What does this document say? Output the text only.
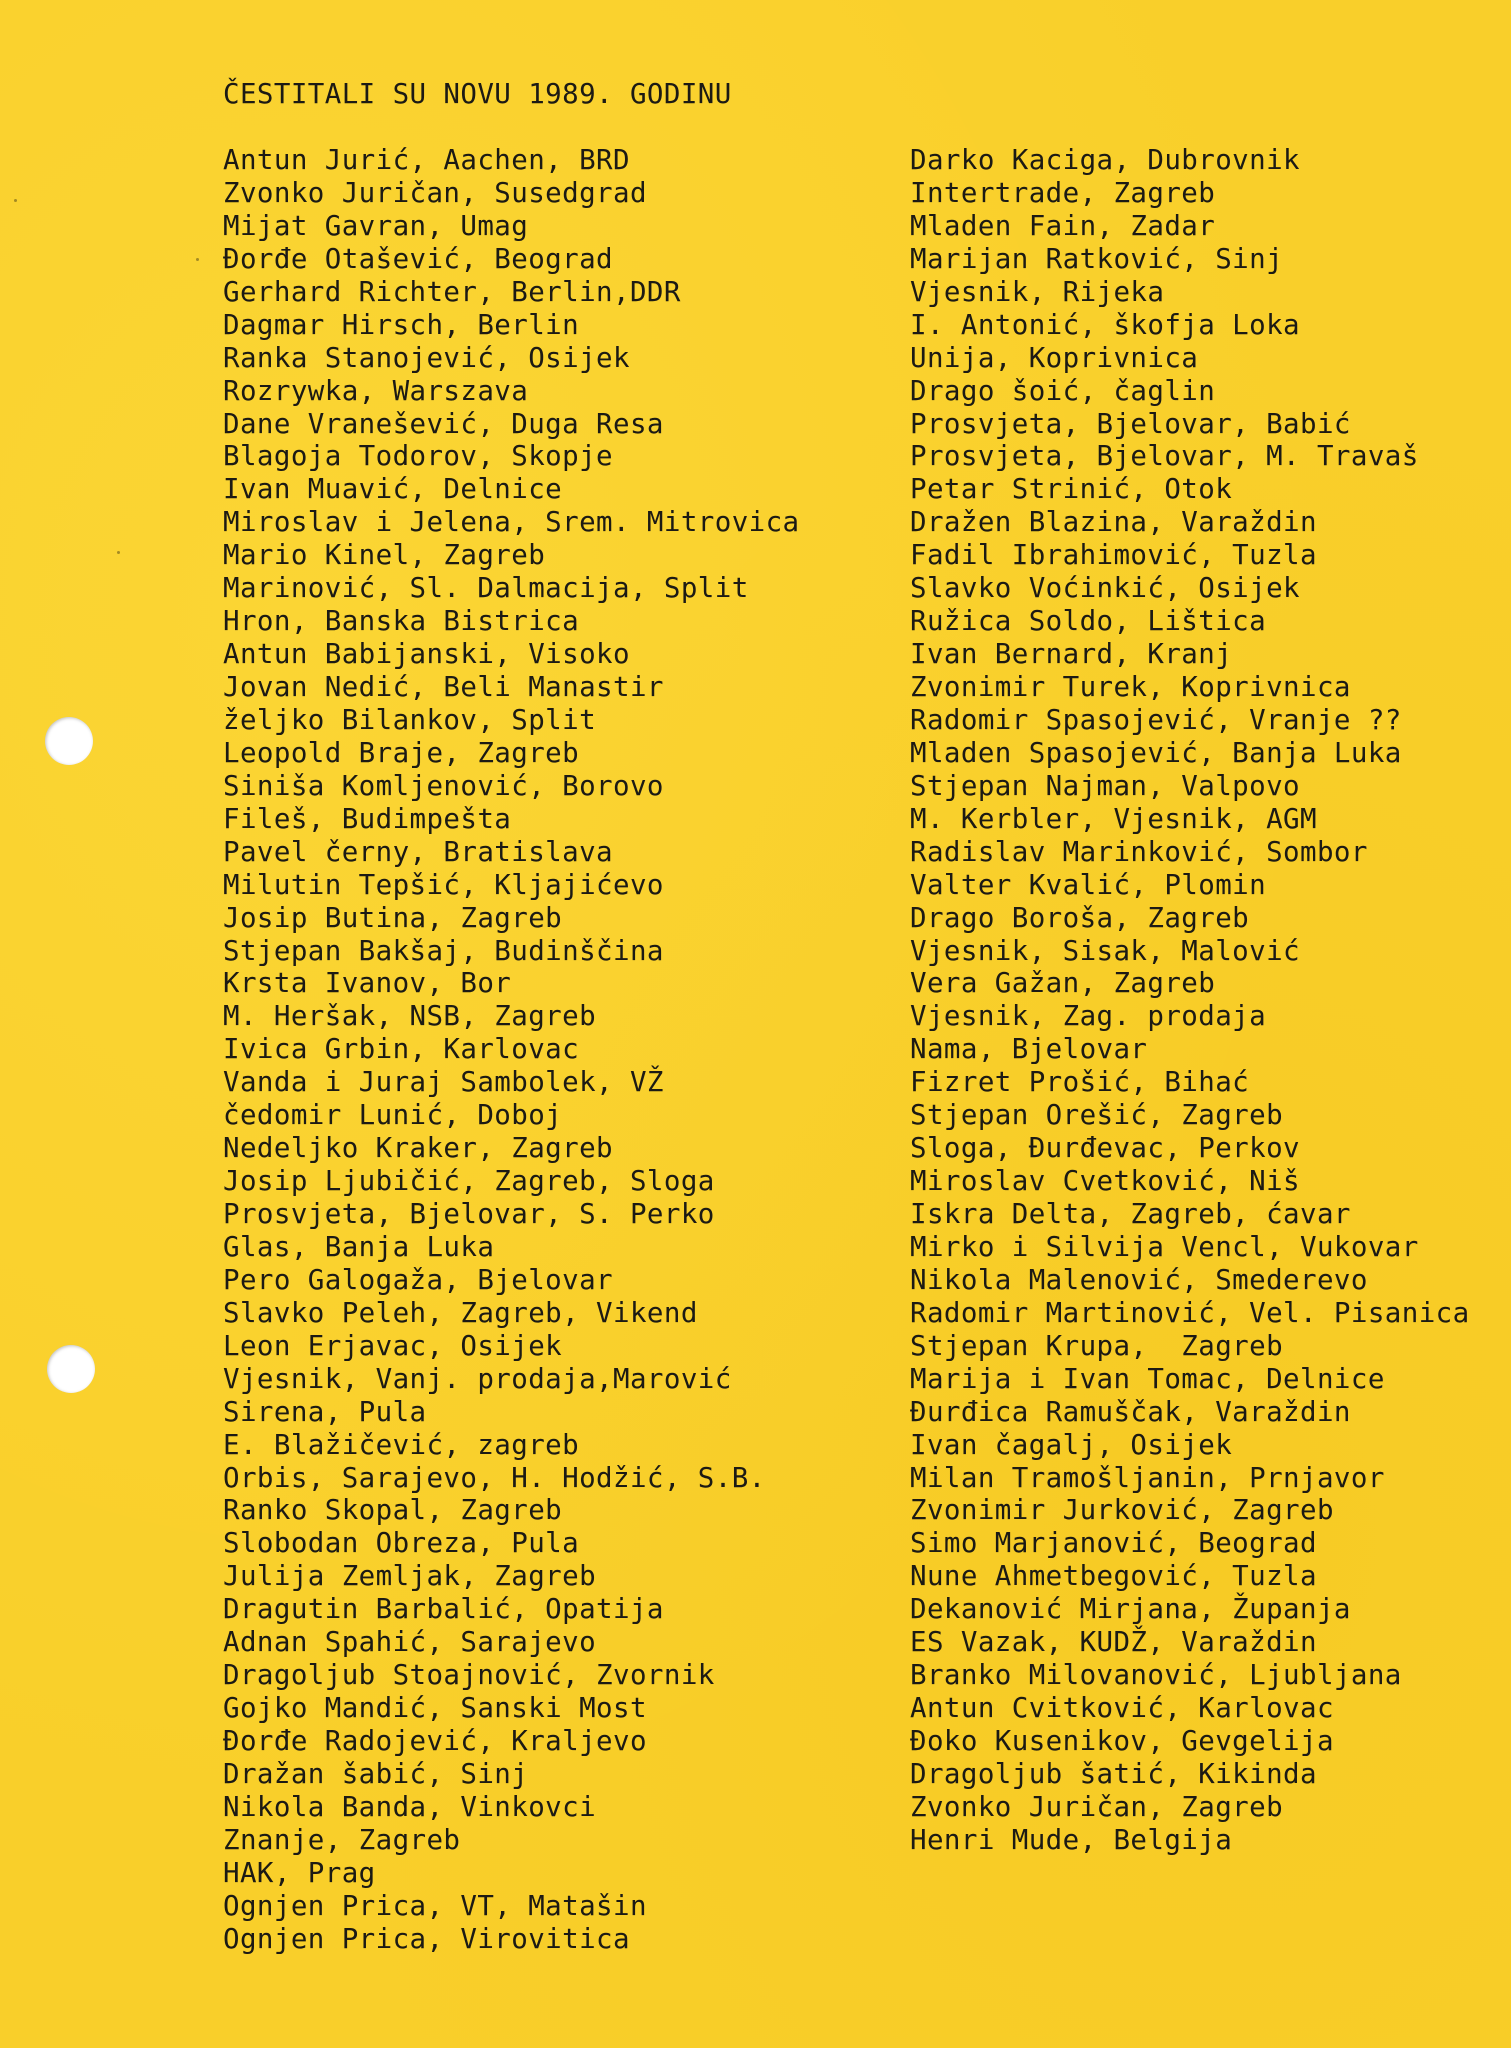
ČESTITALI SU NOVU 1989. GODINU
Antun Jurić, Aachen, BRD
Zvonko Juričan, Susedgrad
Mijat Gavran, Umag
Đorđe Otašević, Beograd
Gerhard Richter, Berlin,DDR
Dagmar Hirsch, Berlin
Ranka Stanojević, Osijek
Rozrywka, Warszava
Dane Vranešević, Duga Resa
Blagoja Todorov, Skopje
Ivan Muavić, Delnice
Miroslav i Jelena, Srem. Mitrovica
Mario Kinel, Zagreb
Marinović, Sl. Dalmacija, Split
Hron, Banska Bistrica
Antun Babijanski, Visoko
Jovan Nedić, Beli Manastir
željko Bilankov, Split
Leopold Braje, Zagreb
Siniša Komljenović, Borovo
Fileš, Budimpešta
Pavel černy, Bratislava
Milutin Tepšić, Kljajićevo
Josip Butina, Zagreb
Stjepan Bakšaj, Budinščina
Krsta Ivanov, Bor
M. Heršak, NSB, Zagreb
Ivica Grbin, Karlovac
Vanda i Juraj Sambolek, VŽ
čedomir Lunić, Doboj
Nedeljko Kraker, Zagreb
Josip Ljubičić, Zagreb, Sloga
Prosvjeta, Bjelovar, S. Perko
Glas, Banja Luka
Pero Galogaža, Bjelovar
Slavko Peleh, Zagreb, Vikend
Leon Erjavac, Osijek
Vjesnik, Vanj. prodaja,Marović
Sirena, Pula
E. Blažičević, zagreb
Orbis, Sarajevo, H. Hodžić, S.B.
Ranko Skopal, Zagreb
Slobodan Obreza, Pula
Julija Zemljak, Zagreb
Dragutin Barbalić, Opatija
Adnan Spahić, Sarajevo
Dragoljub Stoajnović, Zvornik
Gojko Mandić, Sanski Most
Đorđe Radojević, Kraljevo
Dražan šabić, Sinj
Nikola Banda, Vinkovci
Znanje, Zagreb
HAK, Prag
Ognjen Prica, VT, Matašin
Ognjen Prica, Virovitica
Darko Kaciga, Dubrovnik
Intertrade, Zagreb
Mladen Fain, Zadar
Marijan Ratković, Sinj
Vjesnik, Rijeka
I. Antonić, škofja Loka
Unija, Koprivnica
Drago šoić, čaglin
Prosvjeta, Bjelovar, Babić
Prosvjeta, Bjelovar, M. Travaš
Petar Strinić, Otok
Dražen Blazina, Varaždin
Fadil Ibrahimović, Tuzla
Slavko Voćinkić, Osijek
Ružica Soldo, Lištica
Ivan Bernard, Kranj
Zvonimir Turek, Koprivnica
Radomir Spasojević, Vranje ??
Mladen Spasojević, Banja Luka
Stjepan Najman, Valpovo
M. Kerbler, Vjesnik, AGM
Radislav Marinković, Sombor
Valter Kvalić, Plomin
Drago Boroša, Zagreb
Vjesnik, Sisak, Malović
Vera Gažan, Zagreb
Vjesnik, Zag. prodaja
Nama, Bjelovar
Fizret Prošić, Bihać
Stjepan Orešić, Zagreb
Sloga, Đurđevac, Perkov
Miroslav Cvetković, Niš
Iskra Delta, Zagreb, ćavar
Mirko i Silvija Vencl, Vukovar
Nikola Malenović, Smederevo
Radomir Martinović, Vel. Pisanica
Stjepan Krupa,  Zagreb
Marija i Ivan Tomac, Delnice
Đurđica Ramuščak, Varaždin
Ivan čagalj, Osijek
Milan Tramošljanin, Prnjavor
Zvonimir Jurković, Zagreb
Simo Marjanović, Beograd
Nune Ahmetbegović, Tuzla
Dekanović Mirjana, Županja
ES Vazak, KUDŽ, Varaždin
Branko Milovanović, Ljubljana
Antun Cvitković, Karlovac
Đoko Kusenikov, Gevgelija
Dragoljub šatić, Kikinda
Zvonko Juričan, Zagreb
Henri Mude, Belgija
